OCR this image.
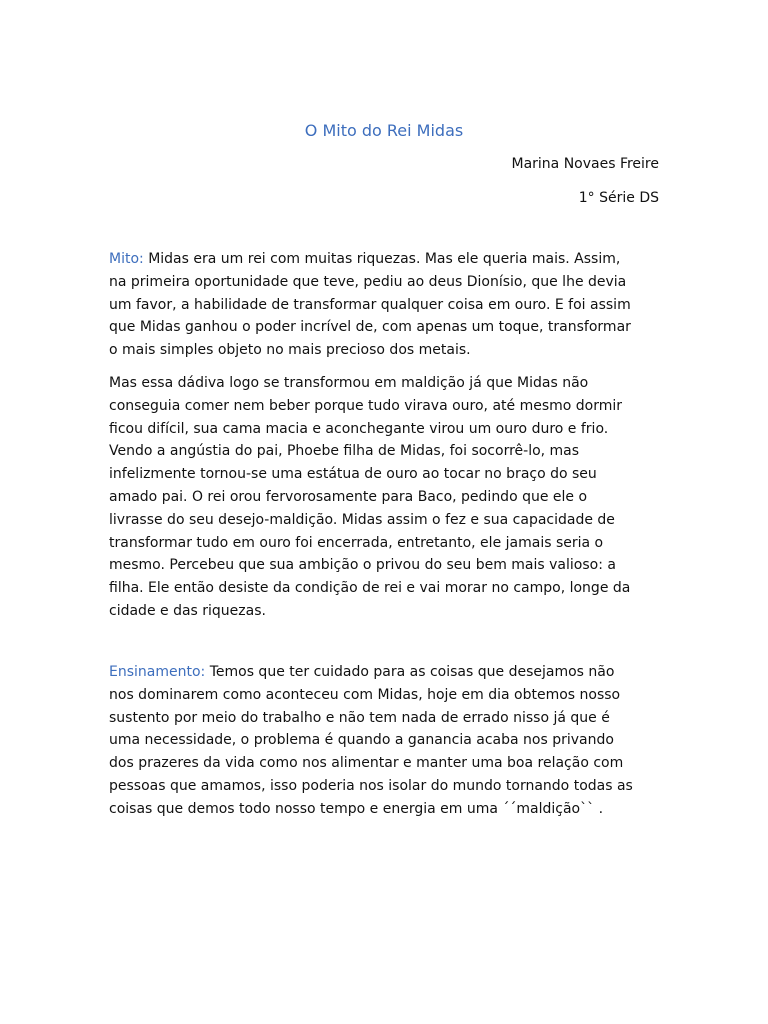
O Mito do Rei Midas
Marina Novaes Freire
1° Série DS
Mito: Midas era um rei com muitas riquezas. Mas ele queria mais. Assim,
na primeira oportunidade que teve, pediu ao deus Dionísio, que lhe devia
um favor, a habilidade de transformar qualquer coisa em ouro. E foi assim
que Midas ganhou o poder incrível de, com apenas um toque, transformar
o mais simples objeto no mais precioso dos metais.
Mas essa dádiva logo se transformou em maldição já que Midas não
conseguia comer nem beber porque tudo virava ouro, até mesmo dormir
ficou difícil, sua cama macia e aconchegante virou um ouro duro e frio.
Vendo a angústia do pai, Phoebe filha de Midas, foi socorrê-lo, mas
infelizmente tornou-se uma estátua de ouro ao tocar no braço do seu
amado pai. O rei orou fervorosamente para Baco, pedindo que ele o
livrasse do seu desejo-maldição. Midas assim o fez e sua capacidade de
transformar tudo em ouro foi encerrada, entretanto, ele jamais seria o
mesmo. Percebeu que sua ambição o privou do seu bem mais valioso: a
filha. Ele então desiste da condição de rei e vai morar no campo, longe da
cidade e das riquezas.
Ensinamento: Temos que ter cuidado para as coisas que desejamos não
nos dominarem como aconteceu com Midas, hoje em dia obtemos nosso
sustento por meio do trabalho e não tem nada de errado nisso já que é
uma necessidade, o problema é quando a ganancia acaba nos privando
dos prazeres da vida como nos alimentar e manter uma boa relação com
pessoas que amamos, isso poderia nos isolar do mundo tornando todas as
coisas que demos todo nosso tempo e energia em uma ´´maldição`` .
